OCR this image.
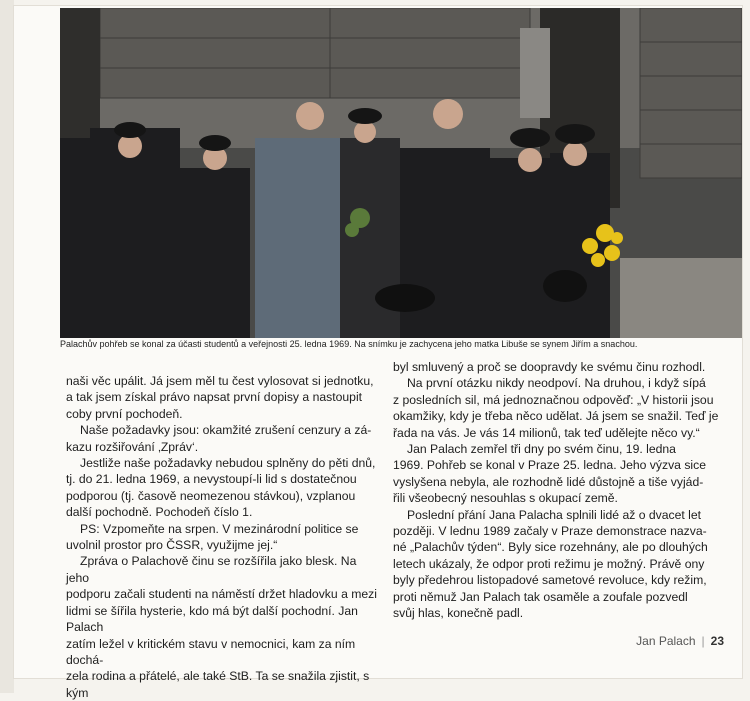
Palachův pohřeb se konal za účasti studentů a veřejnosti 25. ledna 1969. Na snímku je zachycena jeho matka Libuše se synem Jiřím a snachou.

naši věc upálit. Já jsem měl tu čest vylosovat si jednotku,

a tak jsem získal právo napsat první dopisy a nastoupit

coby první pochodeň.

Naše požadavky jsou: okamžité zrušení cenzury a zá-

kazu rozšiřování ‚Zpráv‘.

Jestliže naše požadavky nebudou splněny do pěti dnů,

tj. do 21. ledna 1969, a nevystoupí-li lid s dostatečnou

podporou (tj. časově neomezenou stávkou), vzplanou

další pochodně. Pochodeň číslo 1.

PS: Vzpomeňte na srpen. V mezinárodní politice se

uvolnil prostor pro ČSSR, využijme jej.“

Zpráva o Palachově činu se rozšířila jako blesk. Na jeho

podporu začali studenti na náměstí držet hladovku a mezi

lidmi se šířila hysterie, kdo má být další pochodní. Jan Palach

zatím ležel v kritickém stavu v nemocnici, kam za ním dochá-

zela rodina a přátelé, ale také StB. Ta se snažila zjistit, s kým

byl smluvený a proč se doopravdy ke svému činu rozhodl.

Na první otázku nikdy neodpoví. Na druhou, i když sípá

z posledních sil, má jednoznačnou odpověď: „V historii jsou

okamžiky, kdy je třeba něco udělat. Já jsem se snažil. Teď je

řada na vás. Je vás 14 milionů, tak teď udělejte něco vy.“

Jan Palach zemřel tři dny po svém činu, 19. ledna

1969. Pohřeb se konal v Praze 25. ledna. Jeho výzva sice

vyslyšena nebyla, ale rozhodně lidé důstojně a tiše vyjád-

řili všeobecný nesouhlas s okupací země.

Poslední přání Jana Palacha splnili lidé až o dvacet let

později. V lednu 1989 začaly v Praze demonstrace nazva-

né „Palachův týden“. Byly sice rozehnány, ale po dlouhých

letech ukázaly, že odpor proti režimu je možný. Právě ony

byly předehrou listopadové sametové revoluce, kdy režim,

proti němuž Jan Palach tak osaměle a zoufale pozvedl

svůj hlas, konečně padl.

Jan Palach | 23
